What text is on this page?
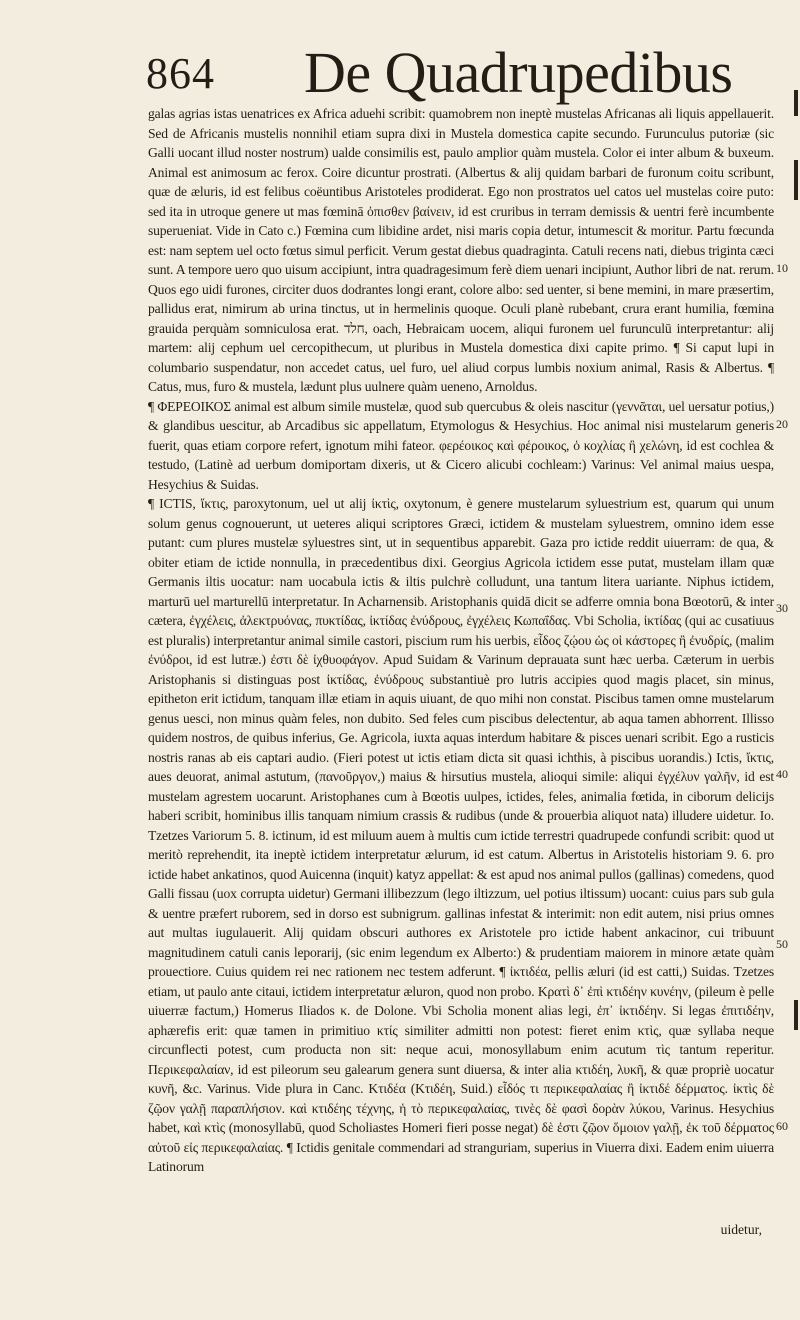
864 De Quadrupedibus

galas agrias istas uenatrices ex Africa aduehi scribit: quamobrem non ineptè mustelas Africanas ali liquis appellauerit. Sed de Africanis mustelis nonnihil etiam supra dixi in Mustela domestica capite secundo. Furunculus putoriæ (sic Galli uocant illud noster nostrum) ualde consimilis est, paulo amplior quàm mustela. Color ei inter album & buxeum. Animal est animosum ac ferox. Coire dicuntur prostrati. (Albertus & alij quidam barbari de furonum coitu scribunt, quæ de æluris, id est felibus coëuntibus Aristoteles prodiderat. Ego non prostratos uel catos uel mustelas coire puto: sed ita in utroque genere ut mas fœminā ὀπισθεν βαίνειν, id est cruribus in terram demissis & uentri ferè incumbente superueniat. Vide in Cato c.) Fœmina cum libidine ardet, nisi maris copia detur, intumescit & moritur. Partu fœcunda est: nam septem uel octo fœtus simul perficit. Verum gestat diebus quadraginta. Catuli recens nati, diebus triginta cæci sunt. A tempore uero quo uisum accipiunt, intra quadragesimum ferè diem uenari incipiunt, Author libri de nat. rerum. Quos ego uidi furones, circiter duos dodrantes longi erant, colore albo: sed uenter, si bene memini, in mare præsertim, pallidus erat, nimirum ab urina tinctus, ut in hermelinis quoque. Oculi planè rubebant, crura erant humilia, fœmina grauida perquàm somniculosa erat. חלד, oach, Hebraicam uocem, aliqui furonem uel furunculū interpretantur: alij martem: alij cephum uel cercopithecum, ut pluribus in Mustela domestica dixi capite primo. ¶ Si caput lupi in columbario suspendatur, non accedet catus, uel furo, uel aliud corpus lumbis noxium animal, Rasis & Albertus. ¶ Catus, mus, furo & mustela, lædunt plus uulnere quàm ueneno, Arnoldus.

¶ ΦΕΡΕΟΙΚΟΣ animal est album simile mustelæ, quod sub quercubus & oleis nascitur (γεννᾶται, uel uersatur potius,) & glandibus uescitur, ab Arcadibus sic appellatum, Etymologus & Hesychius. Hoc animal nisi mustelarum generis fuerit, quas etiam corpore refert, ignotum mihi fateor. φερέοικος καὶ φέροικος, ὁ κοχλίας ἢ χελώνη, id est cochlea & testudo, (Latinè ad uerbum domiportam dixeris, ut & Cicero alicubi cochleam:) Varinus: Vel animal maius uespa, Hesychius & Suidas.

¶ ICTIS, ἴκτις, paroxytonum, uel ut alij ἰκτὶς, oxytonum, è genere mustelarum syluestrium est, quarum qui unum solum genus cognouerunt, ut ueteres aliqui scriptores Græci, ictidem & mustelam syluestrem, omnino idem esse putant: cum plures mustelæ syluestres sint, ut in sequentibus apparebit. Gaza pro ictide reddit uiuerram: de qua, & obiter etiam de ictide nonnulla, in præcedentibus dixi. Georgius Agricola ictidem esse putat, mustelam illam quæ Germanis iltis uocatur: nam uocabula ictis & iltis pulchrè colludunt, una tantum litera uariante. Niphus ictidem, marturū uel marturellū interpretatur. In Acharnensib. Aristophanis quidā dicit se adferre omnia bona Bœotorū, & inter cætera, ἐγχέλεις, ἀλεκτρυόνας, πυκτίδας, ἰκτίδας ἐνύδρους, ἐγχέλεις Κωπαΐδας. Vbi Scholia, ἰκτίδας (qui ac cusatiuus est pluralis) interpretantur animal simile castori, piscium rum his uerbis, εἶδος ζῴου ὡς οἱ κάστορες ἢ ἐνυδρίς, (malim ἐνύδροι, id est lutræ.) ἐστι δὲ ἰχθυοφάγον. Apud Suidam & Varinum deprauata sunt hæc uerba. Cæterum in uerbis Aristophanis si distinguas post ἰκτίδας, ἐνύδρους substantiuè pro lutris accipies quod magis placet, sin minus, epitheton erit ictidum, tanquam illæ etiam in aquis uiuant, de quo mihi non constat. Piscibus tamen omne mustelarum genus uesci, non minus quàm feles, non dubito. Sed feles cum piscibus delectentur, ab aqua tamen abhorrent. Illisso quidem nostros, de quibus inferius, Ge. Agricola, iuxta aquas interdum habitare & pisces uenari scribit. Ego a rusticis nostris ranas ab eis captari audio. (Fieri potest ut ictis etiam dicta sit quasi ichthis, à piscibus uorandis.) Ictis, ἴκτις, aues deuorat, animal astutum, (πανοῦργον,) maius & hirsutius mustela, alioqui simile: aliqui ἐγχέλυν γαλῆν, id est mustelam agrestem uocarunt. Aristophanes cum à Bœotis uulpes, ictides, feles, animalia fœtida, in ciborum delicijs haberi scribit, hominibus illis tanquam nimium crassis & rudibus (unde & prouerbia aliquot nata) illudere uidetur. Io. Tzetzes Variorum 5. 8. ictinum, id est miluum auem à multis cum ictide terrestri quadrupede confundi scribit: quod ut meritò reprehendit, ita ineptè ictidem interpretatur ælurum, id est catum. Albertus in Aristotelis historiam 9. 6. pro ictide habet ankatinos, quod Auicenna (inquit) katyz appellat: & est apud nos animal pullos (gallinas) comedens, quod Galli fissau (uox corrupta uidetur) Germani illibezzum (lego iltizzum, uel potius iltissum) uocant: cuius pars sub gula & uentre præfert ruborem, sed in dorso est subnigrum. gallinas infestat & interimit: non edit autem, nisi prius omnes aut multas iugulauerit. Alij quidam obscuri authores ex Aristotele pro ictide habent ankacinor, cui tribuunt magnitudinem catuli canis leporarij, (sic enim legendum ex Alberto:) & prudentiam maiorem in minore ætate quàm prouectiore. Cuius quidem rei nec rationem nec testem adferunt. ¶ ἰκτιδέα, pellis æluri (id est catti,) Suidas. Tzetzes etiam, ut paulo ante citaui, ictidem interpretatur æluron, quod non probo. Κρατὶ δ᾽ ἐπὶ κτιδέην κυνέην, (pileum è pelle uiuerræ factum,) Homerus Iliados κ. de Dolone. Vbi Scholia monent alias legi, ἐπ᾽ ἰκτιδέην. Si legas ἐπιτιδέην, aphærefis erit: quæ tamen in primitiuo κτίς similiter admitti non potest: fieret enim κτὶς, quæ syllaba neque circunflecti potest, cum producta non sit: neque acui, monosyllabum enim acutum τὶς tantum reperitur. Περικεφαλαίαν, id est pileorum seu galearum genera sunt diuersa, & inter alia κτιδέη, λυκῆ, & quæ propriè uocatur κυνῆ, &c. Varinus. Vide plura in Canc. Κτιδέα (Κτιδέη, Suid.) εἶδός τι περικεφαλαίας ἢ ἰκτιδέ δέρματος. ἰκτὶς δὲ ζῷον γαλῇ παραπλήσιον. καὶ κτιδέης τέχνης, ἡ τὸ περικεφαλαίας, τινὲς δὲ φασὶ δορὰν λύκου, Varinus. Hesychius habet, καὶ κτὶς (monosyllabū, quod Scholiastes Homeri fieri posse negat) δὲ ἐστι ζῷον ὅμοιον γαλῇ, ἐκ τοῦ δέρματος αὐτοῦ εἰς περικεφαλαίας. ¶ Ictidis genitale commendari ad stranguriam, superius in Viuerra dixi. Eadem enim uiuerra Latinorum

10
20
30
40
50
60
uidetur,
